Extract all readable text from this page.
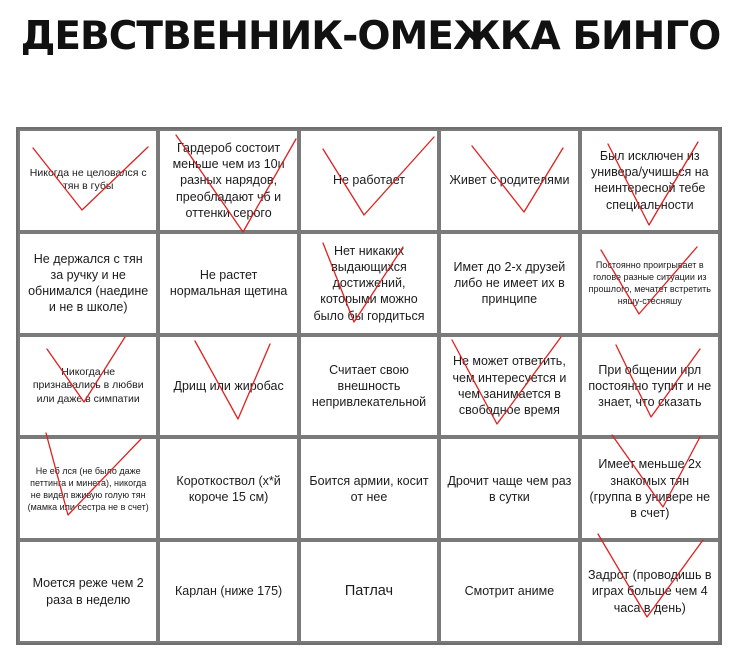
ДЕВСТВЕННИК-ОМЕЖКА БИНГО
Никогда не целовался с тян в губы
Гардероб состоит меньше чем из 10и разных нарядов, преобладают чб и оттенки серого
Не работает	Живет с родителями
Был исключен из универа/учишься на неинтересной тебе специальности
Не держался с тян за ручку и не обнимался (наедине и не в школе)
Не растет нормальная щетина
Нет никаких выдающихся достижений, которыми можно было бы гордиться
Имет до 2-х друзей либо не имеет их в принципе
Постоянно проигрывает в голове разные ситуации из прошлого, мечатет встретить няшу-стесняшу
Никогда не признавались в любви или даже в симпатии
Дрищ или жиробас
Считает свою внешность непривлекательной
Не может ответить, чем интересуется и чем занимается в свободное время
При общении ирл постоянно тупит и не знает, что сказать
Не еб лся (не было даже петтинга и минета), никогда не видел вживую голую тян (мамка или сестра не в счет)
Короткоствол (х*й короче 15 см)
Боится армии, косит от нее
Дрочит чаще чем раз в сутки
Имеет меньше 2х знакомых тян (группа в универе не в счет)
Моется реже чем 2 раза в неделю
Карлан (ниже 175)	Патлач	Смотрит аниме
Задрот (проводишь в играх больше чем 4 часа в день)
